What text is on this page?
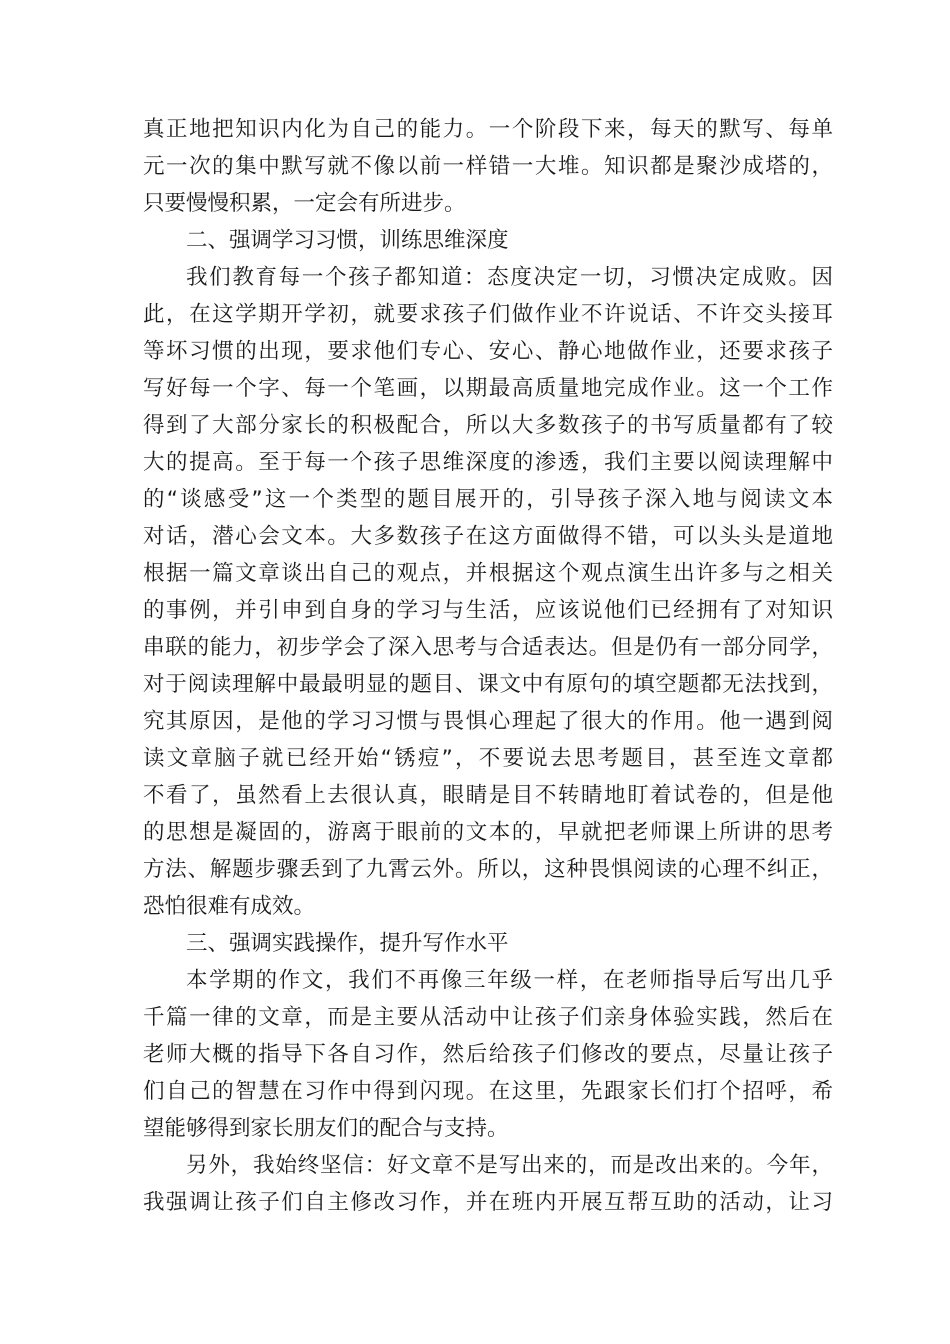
真正地把知识内化为自己的能力。一个阶段下来，每天的默写、每单
元一次的集中默写就不像以前一样错一大堆。知识都是聚沙成塔的，
只要慢慢积累，一定会有所进步。
二、强调学习习惯，训练思维深度
我们教育每一个孩子都知道：态度决定一切，习惯决定成败。因
此，在这学期开学初，就要求孩子们做作业不许说话、不许交头接耳
等坏习惯的出现，要求他们专心、安心、静心地做作业，还要求孩子
写好每一个字、每一个笔画，以期最高质量地完成作业。这一个工作
得到了大部分家长的积极配合，所以大多数孩子的书写质量都有了较
大的提高。至于每一个孩子思维深度的渗透，我们主要以阅读理解中
的“谈感受”这一个类型的题目展开的，引导孩子深入地与阅读文本
对话，潜心会文本。大多数孩子在这方面做得不错，可以头头是道地
根据一篇文章谈出自己的观点，并根据这个观点演生出许多与之相关
的事例，并引申到自身的学习与生活，应该说他们已经拥有了对知识
串联的能力，初步学会了深入思考与合适表达。但是仍有一部分同学，
对于阅读理解中最最明显的题目、课文中有原句的填空题都无法找到，
究其原因，是他的学习习惯与畏惧心理起了很大的作用。他一遇到阅
读文章脑子就已经开始“锈痘”，不要说去思考题目，甚至连文章都
不看了，虽然看上去很认真，眼睛是目不转睛地盯着试卷的，但是他
的思想是凝固的，游离于眼前的文本的，早就把老师课上所讲的思考
方法、解题步骤丢到了九霄云外。所以，这种畏惧阅读的心理不纠正，
恐怕很难有成效。
三、强调实践操作，提升写作水平
本学期的作文，我们不再像三年级一样，在老师指导后写出几乎
千篇一律的文章，而是主要从活动中让孩子们亲身体验实践，然后在
老师大概的指导下各自习作，然后给孩子们修改的要点，尽量让孩子
们自己的智慧在习作中得到闪现。在这里，先跟家长们打个招呼，希
望能够得到家长朋友们的配合与支持。
另外，我始终坚信：好文章不是写出来的，而是改出来的。今年，
我强调让孩子们自主修改习作，并在班内开展互帮互助的活动，让习
